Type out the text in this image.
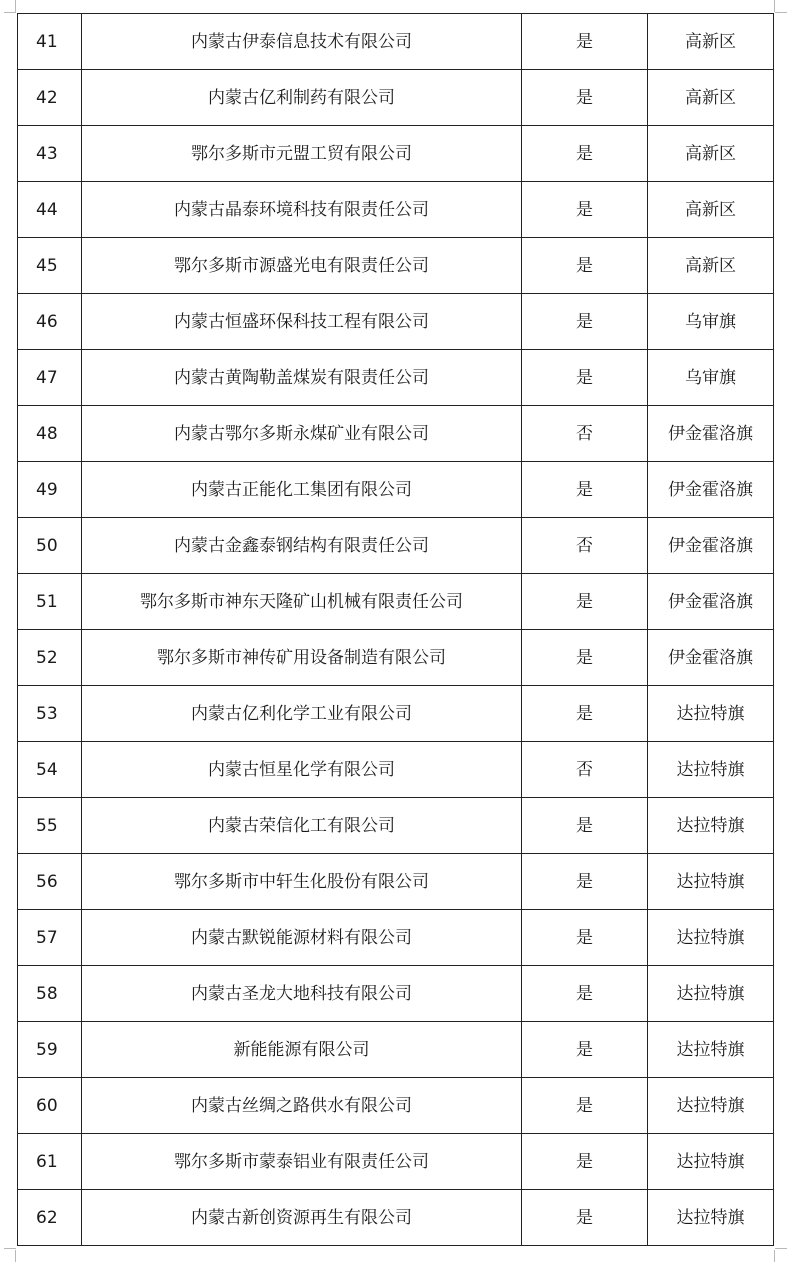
41	内蒙古伊泰信息技术有限公司	是	高新区
42	内蒙古亿利制药有限公司	是	高新区
43	鄂尔多斯市元盟工贸有限公司	是	高新区
44	内蒙古晶泰环境科技有限责任公司	是	高新区
45	鄂尔多斯市源盛光电有限责任公司	是	高新区
46	内蒙古恒盛环保科技工程有限公司	是	乌审旗
47	内蒙古黄陶勒盖煤炭有限责任公司	是	乌审旗
48	内蒙古鄂尔多斯永煤矿业有限公司	否	伊金霍洛旗
49	内蒙古正能化工集团有限公司	是	伊金霍洛旗
50	内蒙古金鑫泰钢结构有限责任公司	否	伊金霍洛旗
51	鄂尔多斯市神东天隆矿山机械有限责任公司	是	伊金霍洛旗
52	鄂尔多斯市神传矿用设备制造有限公司	是	伊金霍洛旗
53	内蒙古亿利化学工业有限公司	是	达拉特旗
54	内蒙古恒星化学有限公司	否	达拉特旗
55	内蒙古荣信化工有限公司	是	达拉特旗
56	鄂尔多斯市中轩生化股份有限公司	是	达拉特旗
57	内蒙古默锐能源材料有限公司	是	达拉特旗
58	内蒙古圣龙大地科技有限公司	是	达拉特旗
59	新能能源有限公司	是	达拉特旗
60	内蒙古丝绸之路供水有限公司	是	达拉特旗
61	鄂尔多斯市蒙泰铝业有限责任公司	是	达拉特旗
62	内蒙古新创资源再生有限公司	是	达拉特旗
